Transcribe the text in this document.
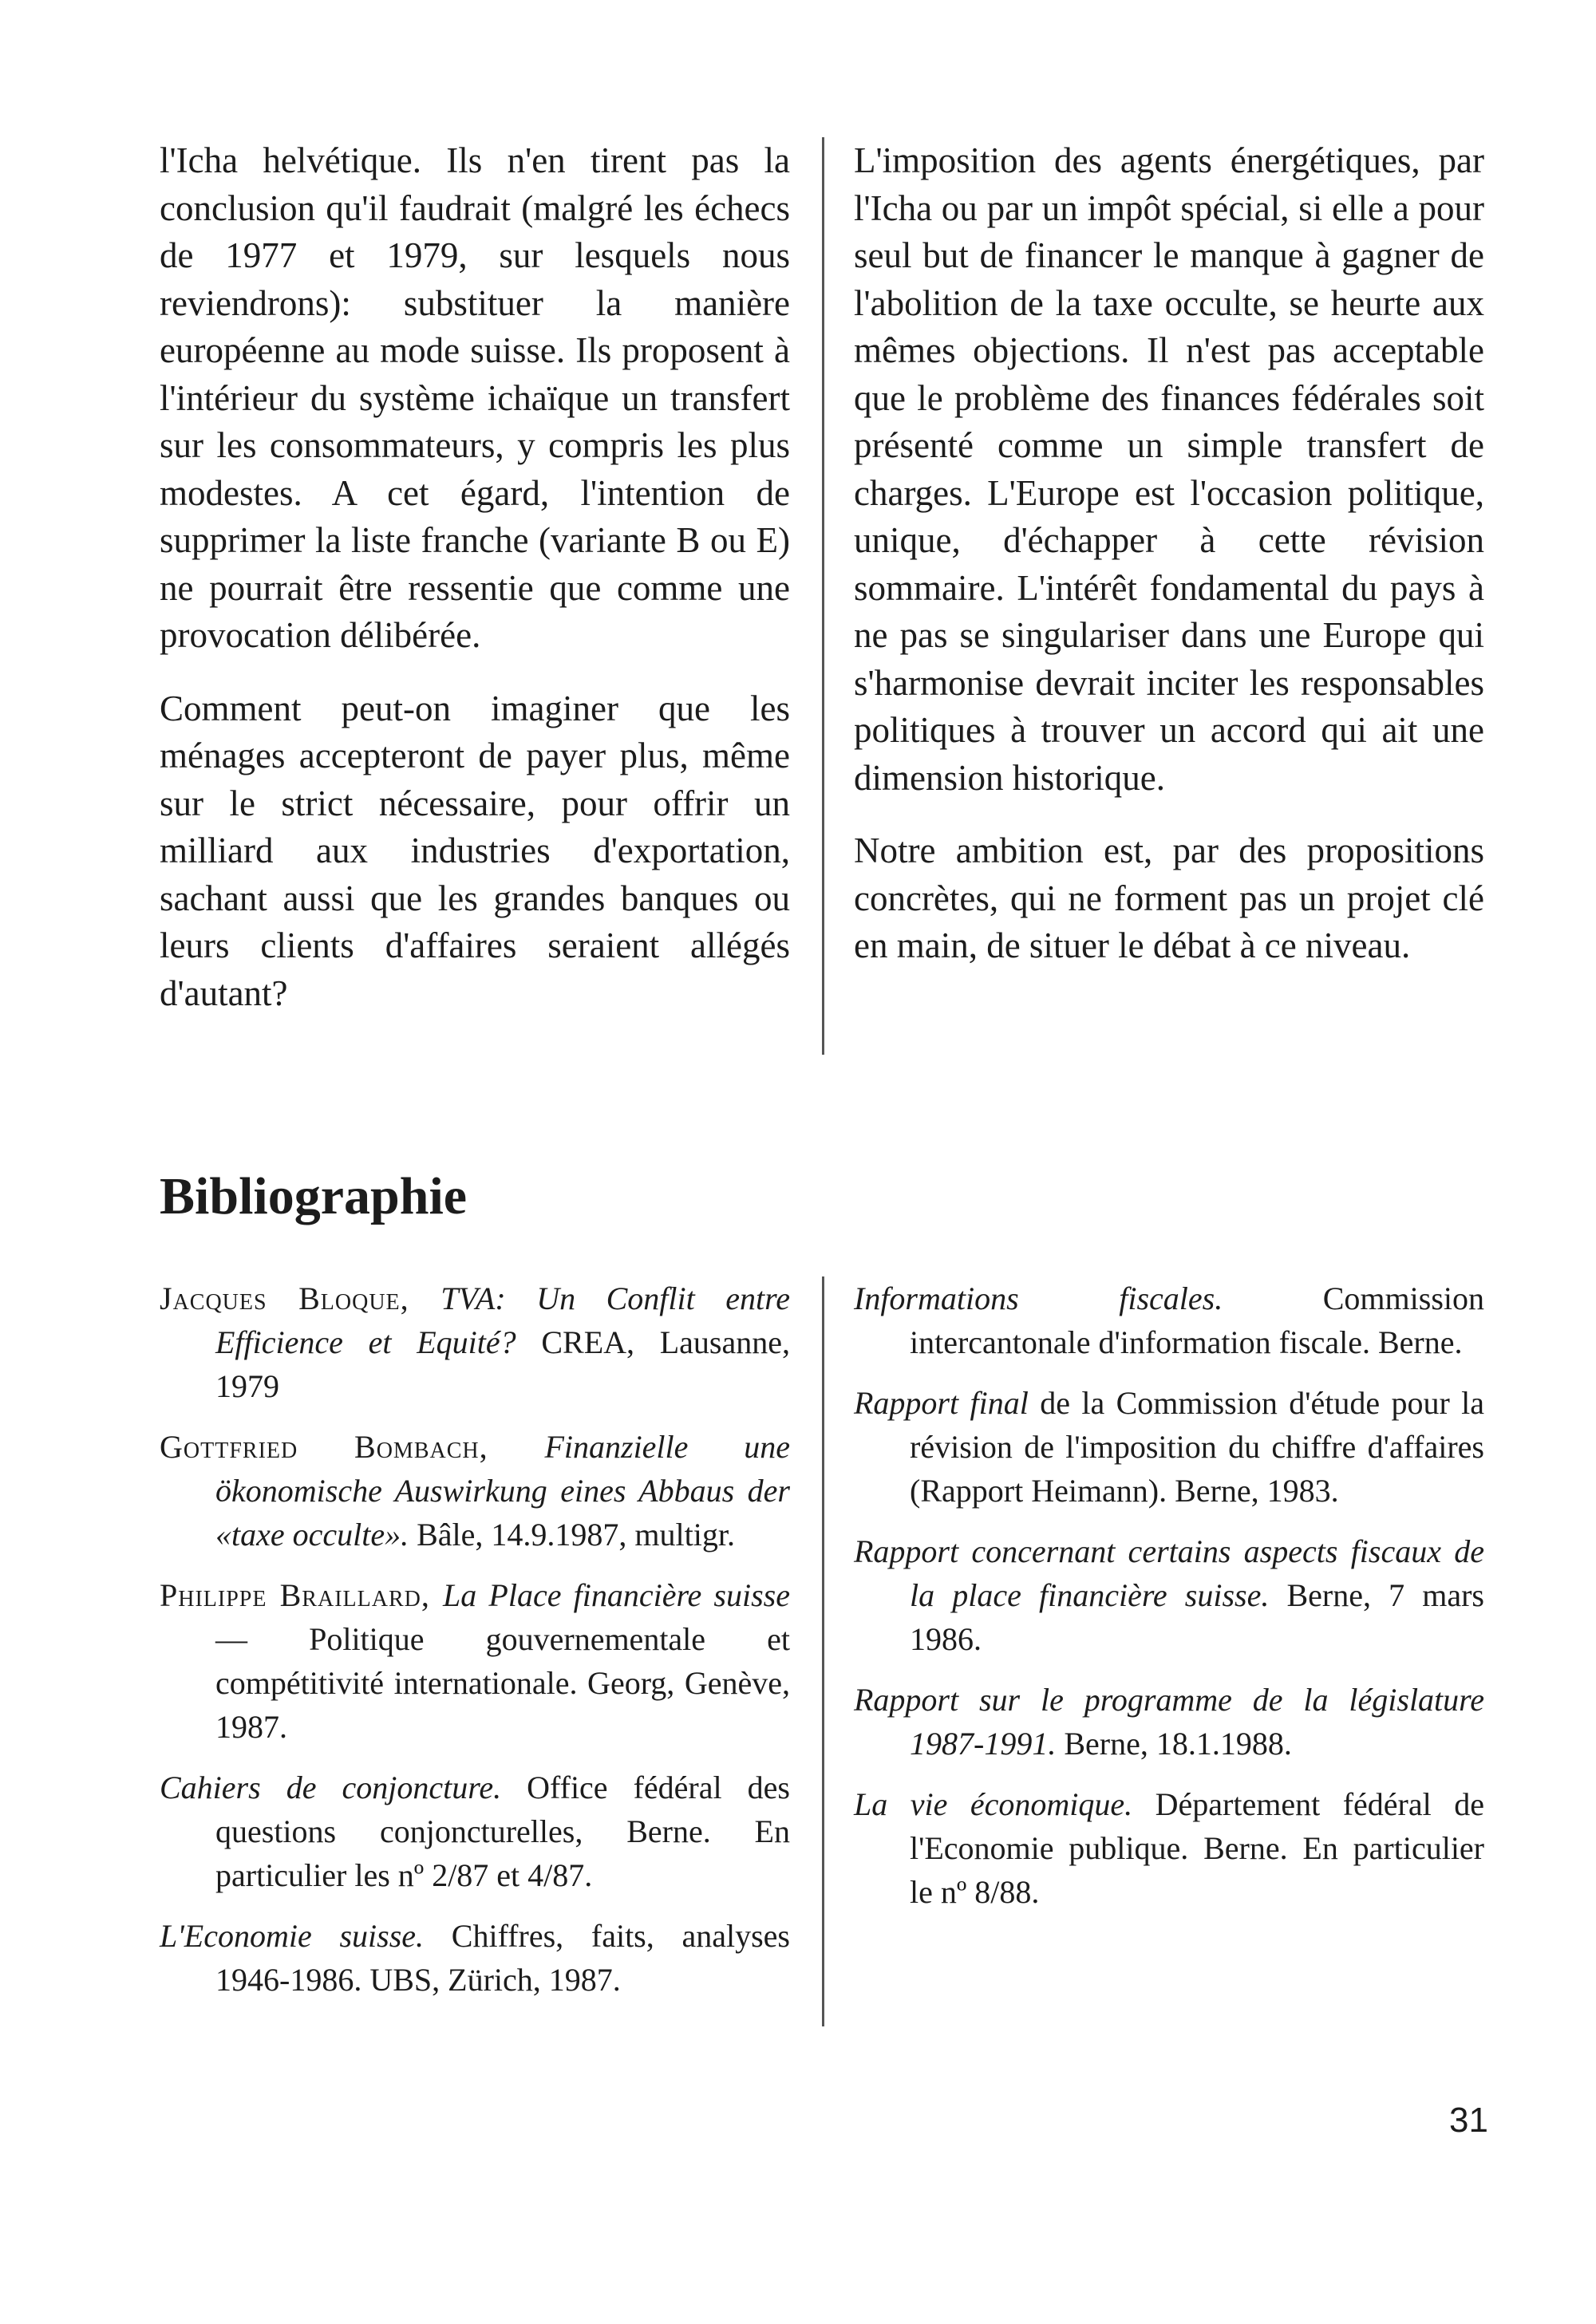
l'Icha helvétique. Ils n'en tirent pas la conclusion qu'il faudrait (malgré les échecs de 1977 et 1979, sur lesquels nous reviendrons): substituer la manière européenne au mode suisse. Ils proposent à l'intérieur du système ichaïque un transfert sur les consommateurs, y compris les plus modestes. A cet égard, l'intention de supprimer la liste franche (variante B ou E) ne pourrait être ressentie que comme une provocation délibérée.

Comment peut-on imaginer que les ménages accepteront de payer plus, même sur le strict nécessaire, pour offrir un milliard aux industries d'exportation, sachant aussi que les grandes banques ou leurs clients d'affaires seraient allégés d'autant?

L'imposition des agents énergétiques, par l'Icha ou par un impôt spécial, si elle a pour seul but de financer le manque à gagner de l'abolition de la taxe occulte, se heurte aux mêmes objections. Il n'est pas acceptable que le problème des finances fédérales soit présenté comme un simple transfert de charges. L'Europe est l'occasion politique, unique, d'échapper à cette révision sommaire. L'intérêt fondamental du pays à ne pas se singulariser dans une Europe qui s'harmonise devrait inciter les responsables politiques à trouver un accord qui ait une dimension historique.

Notre ambition est, par des propositions concrètes, qui ne forment pas un projet clé en main, de situer le débat à ce niveau.

Bibliographie

Jacques Bloque, TVA: Un Conflit entre Efficience et Equité? CREA, Lausanne, 1979

Gottfried Bombach, Finanzielle une ökonomische Auswirkung eines Abbaus der «taxe occulte». Bâle, 14.9.1987, multigr.

Philippe Braillard, La Place financière suisse — Politique gouvernementale et compétitivité internationale. Georg, Genève, 1987.

Cahiers de conjoncture. Office fédéral des questions conjoncturelles, Berne. En particulier les nº 2/87 et 4/87.

L'Economie suisse. Chiffres, faits, analyses 1946-1986. UBS, Zürich, 1987.

Informations fiscales. Commission intercantonale d'information fiscale. Berne.

Rapport final de la Commission d'étude pour la révision de l'imposition du chiffre d'affaires (Rapport Heimann). Berne, 1983.

Rapport concernant certains aspects fiscaux de la place financière suisse. Berne, 7 mars 1986.

Rapport sur le programme de la législature 1987-1991. Berne, 18.1.1988.

La vie économique. Département fédéral de l'Economie publique. Berne. En particulier le nº 8/88.

31
